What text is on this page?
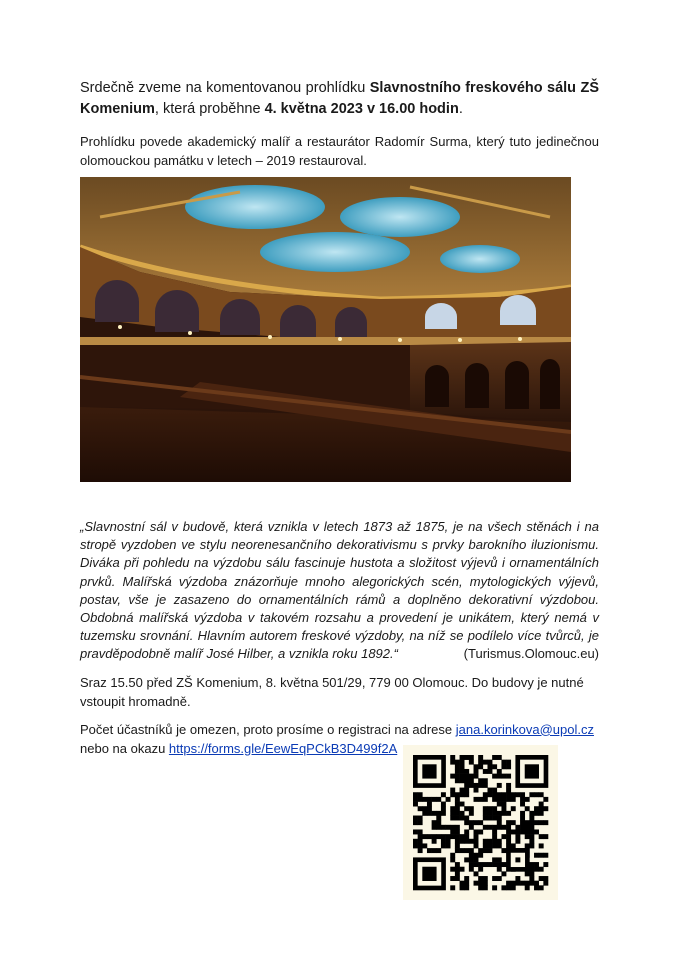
Srdečně zveme na komentovanou prohlídku Slavnostního freskového sálu ZŠ Komenium, která proběhne 4. května 2023 v 16.00 hodin.

Prohlídku povede akademický malíř a restaurátor Radomír Surma, který tuto jedinečnou olomouckou památku v letech – 2019 restauroval.

„Slavnostní sál v budově, která vznikla v letech 1873 až 1875, je na všech stěnách i na stropě vyzdoben ve stylu neorenesančního dekorativismu s prvky barokního iluzionismu. Diváka při pohledu na výzdobu sálu fascinuje hustota a složitost výjevů i ornamentálních prvků. Malířská výzdoba znázorňuje mnoho alegorických scén, mytologických výjevů, postav, vše je zasazeno do ornamentálních rámů a doplněno dekorativní výzdobou. Obdobná malířská výzdoba v takovém rozsahu a provedení je unikátem, který nemá v tuzemsku srovnání. Hlavním autorem freskové výzdoby, na níž se podílelo více tvůrců, je pravděpodobně malíř José Hilber, a vznikla roku 1892.“	(Turismus.Olomouc.eu)

Sraz 15.50 před ZŠ Komenium, 8. května 501/29, 779 00 Olomouc. Do budovy je nutné vstoupit hromadně.

Počet účastníků je omezen, proto prosíme o registraci na adrese jana.korinkova@upol.cz nebo na okazu https://forms.gle/EewEqPCkB3D499f2A
